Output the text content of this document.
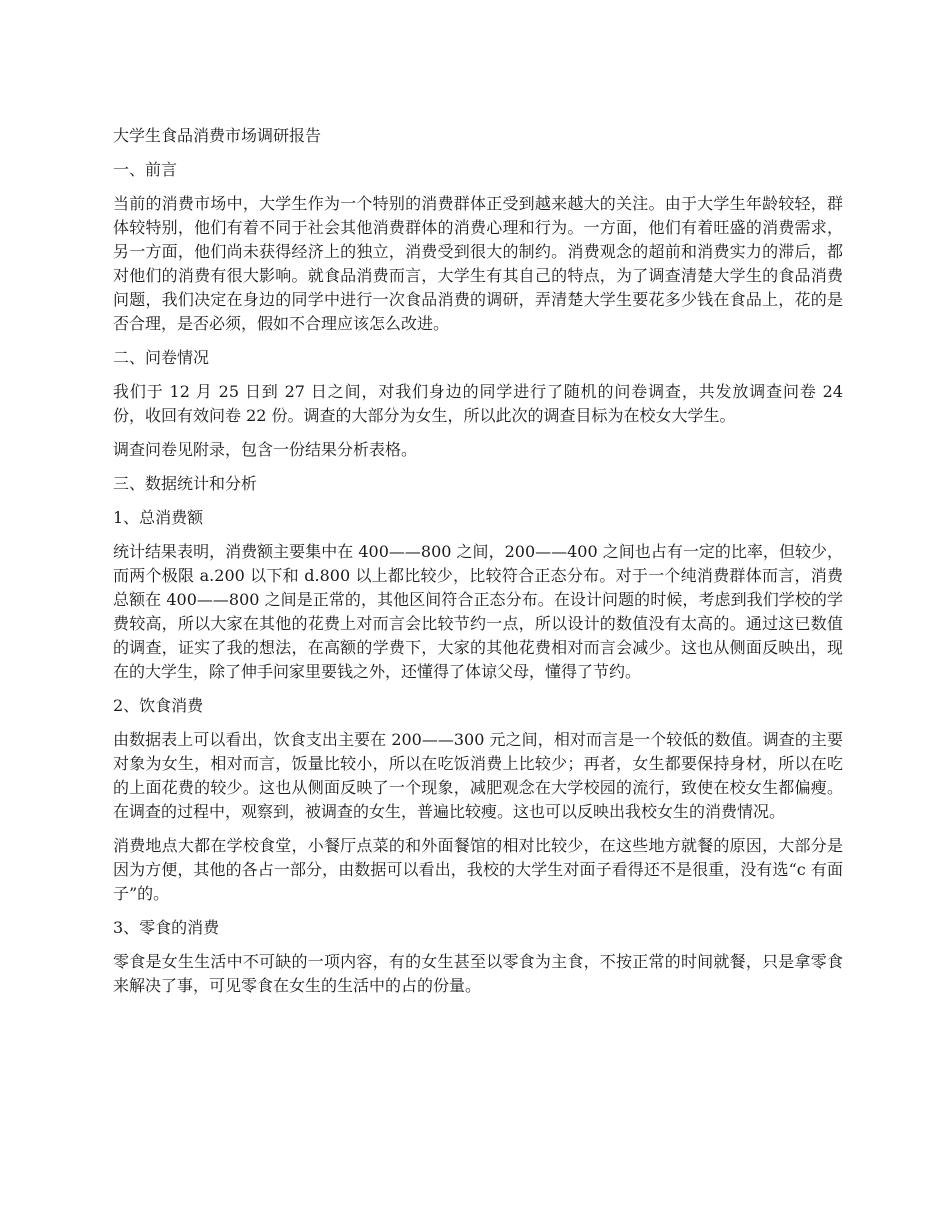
大学生食品消费市场调研报告

一、前言

当前的消费市场中，大学生作为一个特别的消费群体正受到越来越大的关注。由于大学生年龄较轻，群体较特别，他们有着不同于社会其他消费群体的消费心理和行为。一方面，他们有着旺盛的消费需求，另一方面，他们尚未获得经济上的独立，消费受到很大的制约。消费观念的超前和消费实力的滞后，都对他们的消费有很大影响。就食品消费而言，大学生有其自己的特点，为了调查清楚大学生的食品消费问题，我们决定在身边的同学中进行一次食品消费的调研，弄清楚大学生要花多少钱在食品上，花的是否合理，是否必须，假如不合理应该怎么改进。

二、问卷情况

我们于 12 月 25 日到 27 日之间，对我们身边的同学进行了随机的问卷调查，共发放调查问卷 24 份，收回有效问卷 22 份。调查的大部分为女生，所以此次的调查目标为在校女大学生。

调查问卷见附录，包含一份结果分析表格。

三、数据统计和分析

1、总消费额

统计结果表明，消费额主要集中在 400——800 之间，200——400 之间也占有一定的比率，但较少，而两个极限 a.200 以下和 d.800 以上都比较少，比较符合正态分布。对于一个纯消费群体而言，消费总额在 400——800 之间是正常的，其他区间符合正态分布。在设计问题的时候，考虑到我们学校的学费较高，所以大家在其他的花费上对而言会比较节约一点，所以设计的数值没有太高的。通过这已数值的调查，证实了我的想法，在高额的学费下，大家的其他花费相对而言会减少。这也从侧面反映出，现在的大学生，除了伸手问家里要钱之外，还懂得了体谅父母，懂得了节约。

2、饮食消费

由数据表上可以看出，饮食支出主要在 200——300 元之间，相对而言是一个较低的数值。调查的主要对象为女生，相对而言，饭量比较小，所以在吃饭消费上比较少；再者，女生都要保持身材，所以在吃的上面花费的较少。这也从侧面反映了一个现象，减肥观念在大学校园的流行，致使在校女生都偏瘦。在调查的过程中，观察到，被调查的女生，普遍比较瘦。这也可以反映出我校女生的消费情况。

消费地点大都在学校食堂，小餐厅点菜的和外面餐馆的相对比较少，在这些地方就餐的原因，大部分是因为方便，其他的各占一部分，由数据可以看出，我校的大学生对面子看得还不是很重，没有选“c 有面子”的。

3、零食的消费

零食是女生生活中不可缺的一项内容，有的女生甚至以零食为主食，不按正常的时间就餐，只是拿零食来解决了事，可见零食在女生的生活中的占的份量。
